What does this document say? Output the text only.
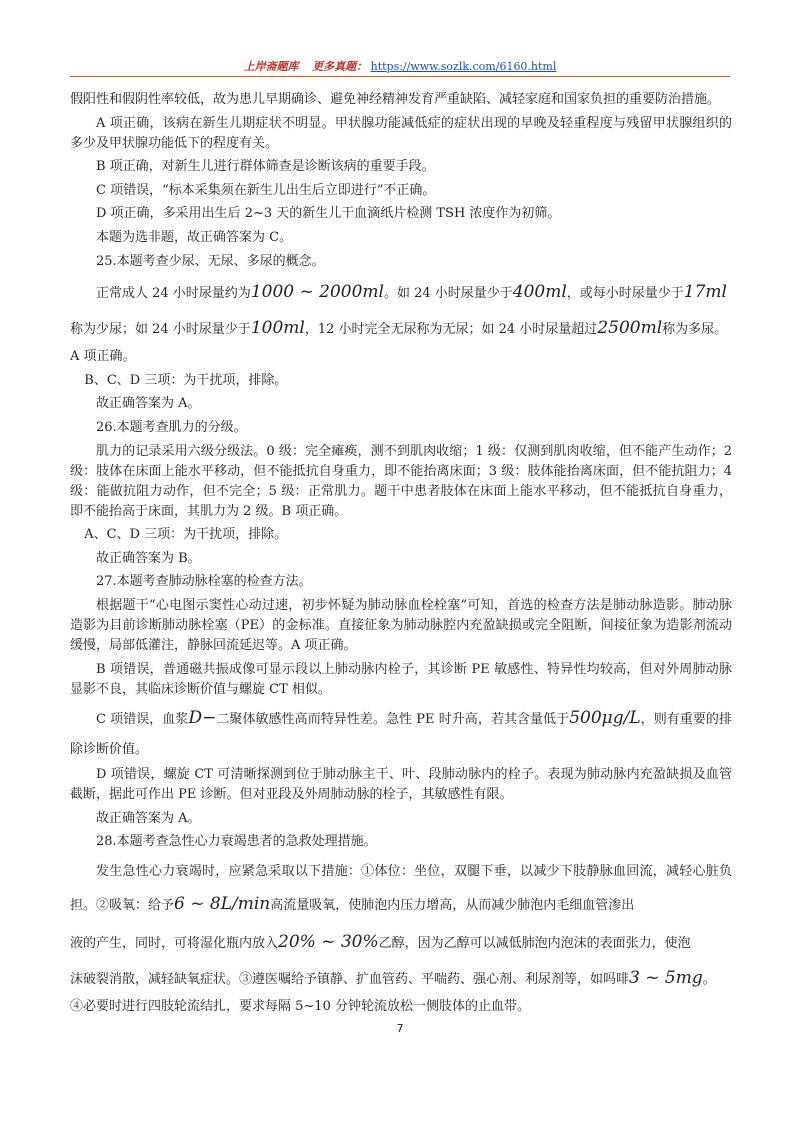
上岸斋题库 更多真题： https://www.sozlk.com/6160.html

假阳性和假阴性率较低，故为患儿早期确诊、避免神经精神发育严重缺陷、减轻家庭和国家负担的重要防治措施。

A 项正确，该病在新生儿期症状不明显。甲状腺功能减低症的症状出现的早晚及轻重程度与残留甲状腺组织的多少及甲状腺功能低下的程度有关。

B 项正确，对新生儿进行群体筛查是诊断该病的重要手段。

C 项错误，“标本采集须在新生儿出生后立即进行”不正确。

D 项正确，多采用出生后 2~3 天的新生儿干血滴纸片检测 TSH 浓度作为初筛。

本题为选非题，故正确答案为 C。

25.本题考查少尿、无尿、多尿的概念。

正常成人 24 小时尿量约为1000 ~ 2000ml。如 24 小时尿量少于400ml，或每小时尿量少于17ml

称为少尿；如 24 小时尿量少于100ml，12 小时完全无尿称为无尿；如 24 小时尿量超过2500ml称为多尿。

A 项正确。

B、C、D 三项：为干扰项，排除。

故正确答案为 A。

26.本题考查肌力的分级。

肌力的记录采用六级分级法。0 级：完全瘫痪，测不到肌肉收缩；1 级：仅测到肌肉收缩，但不能产生动作；2 级：肢体在床面上能水平移动，但不能抵抗自身重力，即不能抬离床面；3 级：肢体能抬离床面，但不能抗阻力；4 级：能做抗阻力动作，但不完全；5 级：正常肌力。题干中患者肢体在床面上能水平移动，但不能抵抗自身重力，即不能抬高于床面，其肌力为 2 级。B 项正确。

A、C、D 三项：为干扰项，排除。

故正确答案为 B。

27.本题考查肺动脉栓塞的检查方法。

根据题干“心电图示窦性心动过速，初步怀疑为肺动脉血栓栓塞”可知，首选的检查方法是肺动脉造影。肺动脉造影为目前诊断肺动脉栓塞（PE）的金标准。直接征象为肺动脉腔内充盈缺损或完全阻断，间接征象为造影剂流动缓慢，局部低灌注，静脉回流延迟等。A 项正确。

B 项错误，普通磁共振成像可显示段以上肺动脉内栓子，其诊断 PE 敏感性、特异性均较高，但对外周肺动脉显影不良，其临床诊断价值与螺旋 CT 相似。

C 项错误，血浆D−二聚体敏感性高而特异性差。急性 PE 时升高，若其含量低于500μg/L，则有重要的排除诊断价值。

D 项错误，螺旋 CT 可清晰探测到位于肺动脉主干、叶、段肺动脉内的栓子。表现为肺动脉内充盈缺损及血管截断，据此可作出 PE 诊断。但对亚段及外周肺动脉的栓子，其敏感性有限。

故正确答案为 A。

28.本题考查急性心力衰竭患者的急救处理措施。

发生急性心力衰竭时，应紧急采取以下措施：①体位：坐位，双腿下垂，以减少下肢静脉血回流，减轻心脏负担。②吸氧：给予6 ~ 8L/min高流量吸氧，使肺泡内压力增高，从而减少肺泡内毛细血管渗出

液的产生，同时，可将湿化瓶内放入20% ~ 30%乙醇，因为乙醇可以减低肺泡内泡沫的表面张力，使泡

沫破裂消散，减轻缺氧症状。③遵医嘱给予镇静、扩血管药、平喘药、强心剂、利尿剂等，如吗啡3 ~ 5mg。

④必要时进行四肢轮流结扎，要求每隔 5~10 分钟轮流放松一侧肢体的止血带。

7
